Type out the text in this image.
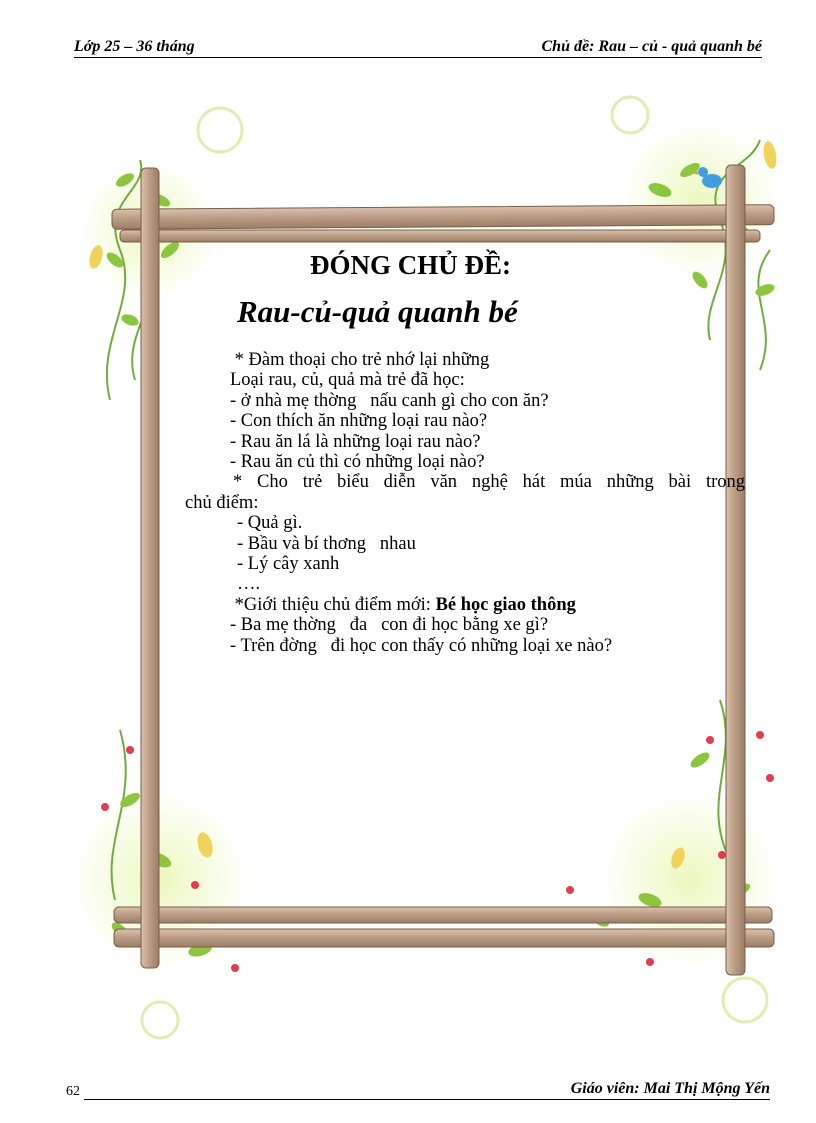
Lớp 25 – 36 tháng	Chủ đề: Rau – củ - quả quanh bé
ĐÓNG CHỦ ĐỀ:
Rau-củ-quả quanh bé
* Đàm thoại cho trẻ nhớ lại những
Loại rau, củ, quả mà trẻ đã học:
- ở nhà mẹ thờng   nấu canh gì cho con ăn?
- Con thích ăn những loại rau nào?
- Rau ăn lá là những loại rau nào?
- Rau ăn củ thì có những loại nào?
* Cho trẻ biểu diễn văn nghệ hát múa những bài trong
chủ điểm:
- Quả gì.
- Bầu và bí thơng   nhau
- Lý cây xanh
….
*Giới thiệu chủ điểm mới: Bé học giao thông
- Ba mẹ thờng   đa   con đi học bằng xe gì?
- Trên đờng   đi học con thấy có những loại xe nào?
62	Giáo viên: Mai Thị Mộng Yến
